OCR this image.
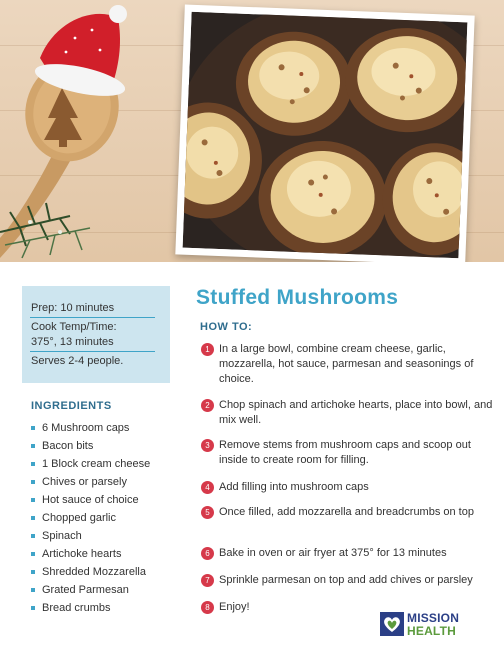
Prep: 10 minutes
Cook Temp/Time:
375°, 13 minutes
Serves 2-4 people.
INGREDIENTS
6 Mushroom caps
Bacon bits
1 Block cream cheese
Chives or parsely
Hot sauce of choice
Chopped garlic
Spinach
Artichoke hearts
Shredded Mozzarella
Grated Parmesan
Bread crumbs
Stuffed Mushrooms
HOW TO:
1 In a large bowl, combine cream cheese, garlic, mozzarella, hot sauce, parmesan and seasonings of choice.
2 Chop spinach and artichoke hearts, place into bowl, and mix well.
3 Remove stems from mushroom caps and scoop out inside to create room for filling.
4 Add filling into mushroom caps
5 Once filled, add mozzarella and breadcrumbs on top
6 Bake in oven or air fryer at 375° for 13 minutes
7 Sprinkle parmesan on top and add chives or parsley
8 Enjoy!
MISSION
HEALTH
